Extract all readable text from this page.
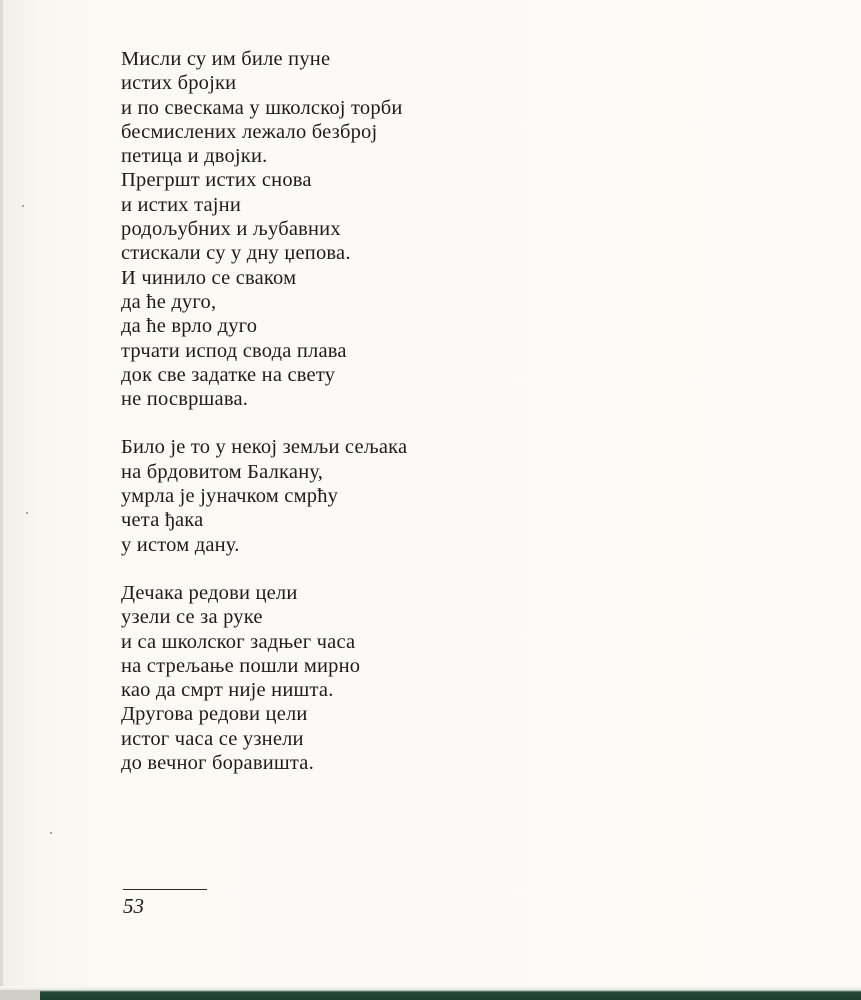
Мисли су им биле пуне
истих бројки
и по свескама у школској торби
бесмислених лежало безброј
петица и двојки.
Прегршт истих снова
и истих тајни
родољубних и љубавних
стискали су у дну џепова.
И чинило се сваком
да ће дуго,
да ће врло дуго
трчати испод свода плава
док све задатке на свету
не посвршава.
Било је то у некој земљи сељака
на брдовитом Балкану,
умрла је јуначком смрћу
чета ђака
у истом дану.
Дечака редови цели
узели се за руке
и са школског задњег часа
на стрељање пошли мирно
као да смрт није ништа.
Другова редови цели
истог часа се узнели
до вечног боравишта.
53
